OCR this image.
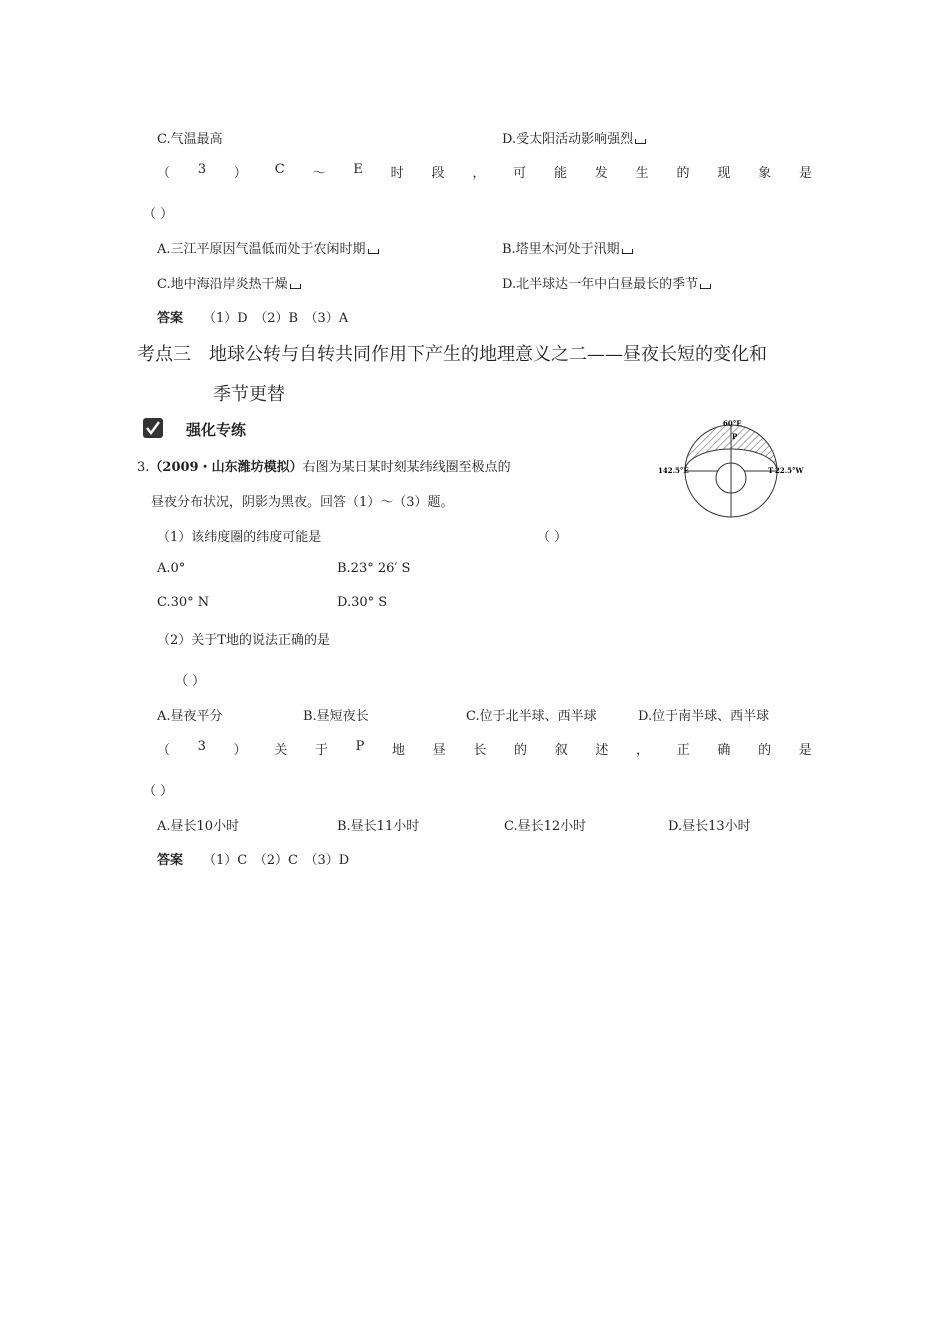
C.气温最高	D.受太阳活动影响强烈
（ 3 ） C ～ E 时 段 ， 可 能 发 生 的 现 象 是
（ ）
A.三江平原因气温低而处于农闲时期	B.塔里木河处于汛期
C.地中海沿岸炎热干燥	D.北半球达一年中白昼最长的季节
答案 （1）D　（2）B　（3）A
考点三　地球公转与自转共同作用下产生的地理意义之二——昼夜长短的变化和
季节更替
强化专练
3.（2009・山东潍坊模拟）右图为某日某时刻某纬线圈至极点的
昼夜分布状况，阴影为黑夜。回答（1）～（3）题。
（1）该纬度圈的纬度可能是	（ ）
A.0°	B.23° 26′ S
C.30° N	D.30° S
（2）关于T地的说法正确的是
（ ）
A.昼夜平分	B.昼短夜长	C.位于北半球、西半球	D.位于南半球、西半球
（ 3 ） 关 于 P 地 昼 长 的 叙 述 ， 正 确 的 是
（ ）
A.昼长10小时	B.昼长11小时	C.昼长12小时	D.昼长13小时
答案 （1）C　（2）C　（3）D
60°E
P
142.5°E	T 22.5°W
